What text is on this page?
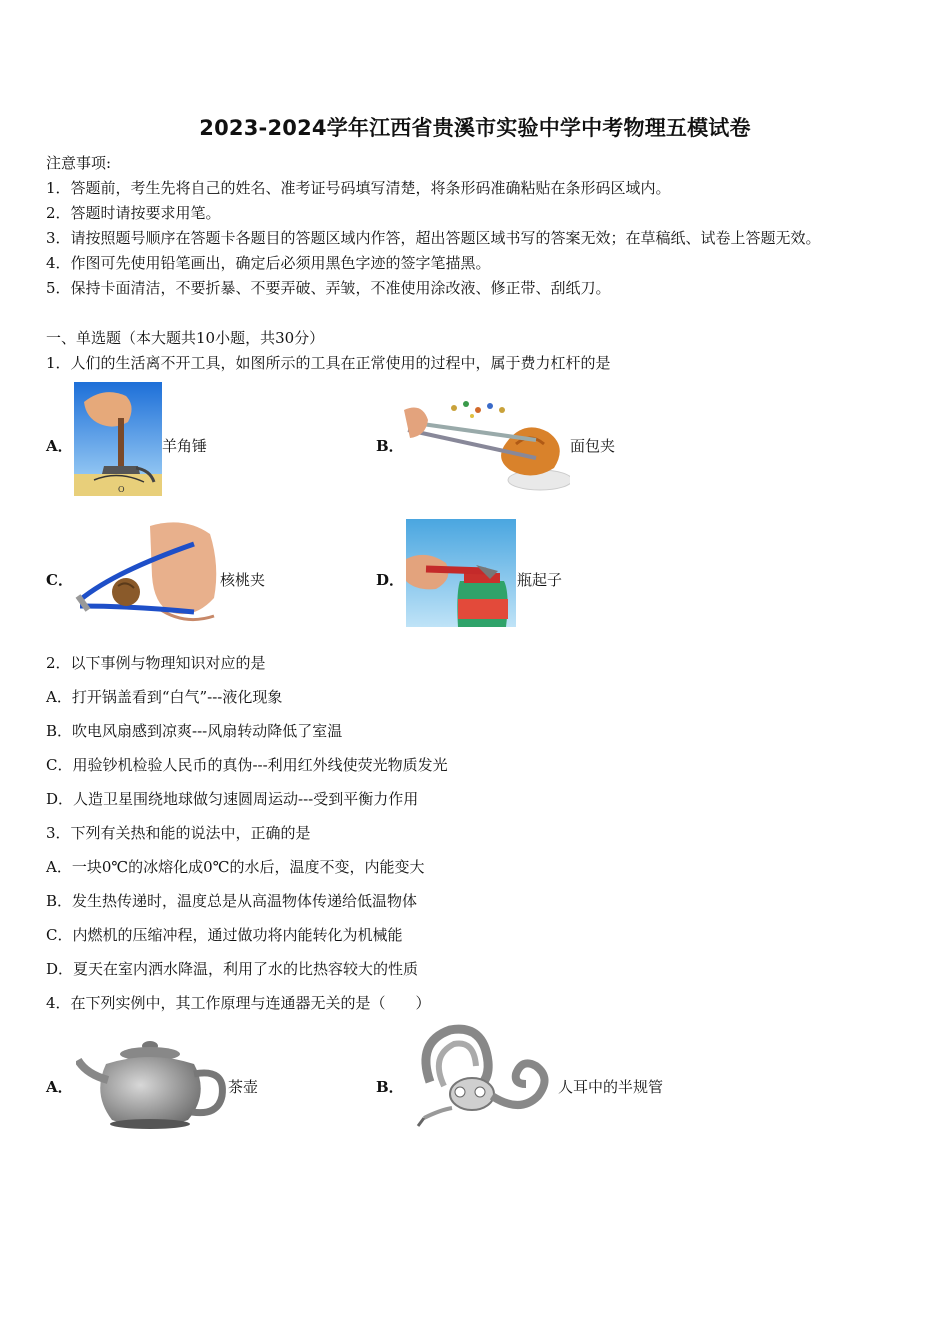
2023-2024学年江西省贵溪市实验中学中考物理五模试卷
注意事项:
1．答题前，考生先将自己的姓名、准考证号码填写清楚，将条形码准确粘贴在条形码区域内。
2．答题时请按要求用笔。
3．请按照题号顺序在答题卡各题目的答题区域内作答，超出答题区域书写的答案无效；在草稿纸、试卷上答题无效。
4．作图可先使用铅笔画出，确定后必须用黑色字迹的签字笔描黑。
5．保持卡面清洁，不要折暴、不要弄破、弄皱，不准使用涂改液、修正带、刮纸刀。
一、单选题（本大题共10小题，共30分）
1．人们的生活离不开工具，如图所示的工具在正常使用的过程中，属于费力杠杆的是
A．
O
羊角锤	B．	面包夹
C．	核桃夹	D．	瓶起子
2．以下事例与物理知识对应的是
A．打开锅盖看到“白气”---液化现象
B．吹电风扇感到凉爽---风扇转动降低了室温
C．用验钞机检验人民币的真伪---利用红外线使荧光物质发光
D．人造卫星围绕地球做匀速圆周运动---受到平衡力作用
3．下列有关热和能的说法中，正确的是
A．一块0℃的冰熔化成0℃的水后，温度不变，内能变大
B．发生热传递时，温度总是从高温物体传递给低温物体
C．内燃机的压缩冲程，通过做功将内能转化为机械能
D．夏天在室内洒水降温，利用了水的比热容较大的性质
4．在下列实例中，其工作原理与连通器无关的是（　　）
A．	茶壶	B．	人耳中的半规管
